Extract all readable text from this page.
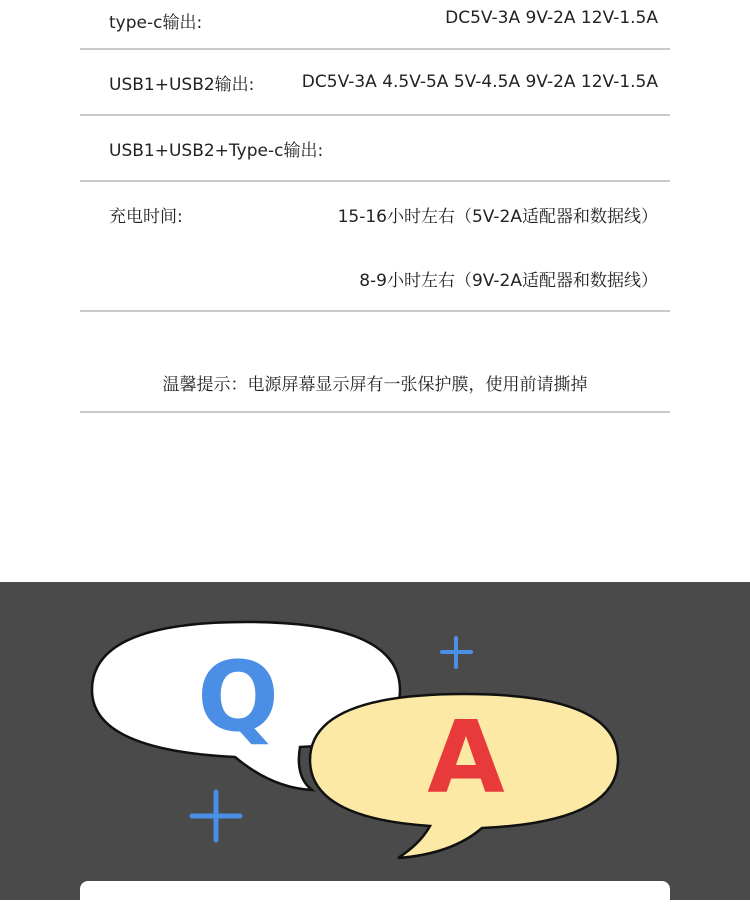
type-c输出:	DC5V-3A 9V-2A 12V-1.5A
USB1+USB2输出:	DC5V-3A 4.5V-5A 5V-4.5A 9V-2A 12V-1.5A
USB1+USB2+Type-c输出:
充电时间:	15-16小时左右（5V-2A适配器和数据线）
8-9小时左右（9V-2A适配器和数据线）
温馨提示：电源屏幕显示屏有一张保护膜，使用前请撕掉
Q
A
